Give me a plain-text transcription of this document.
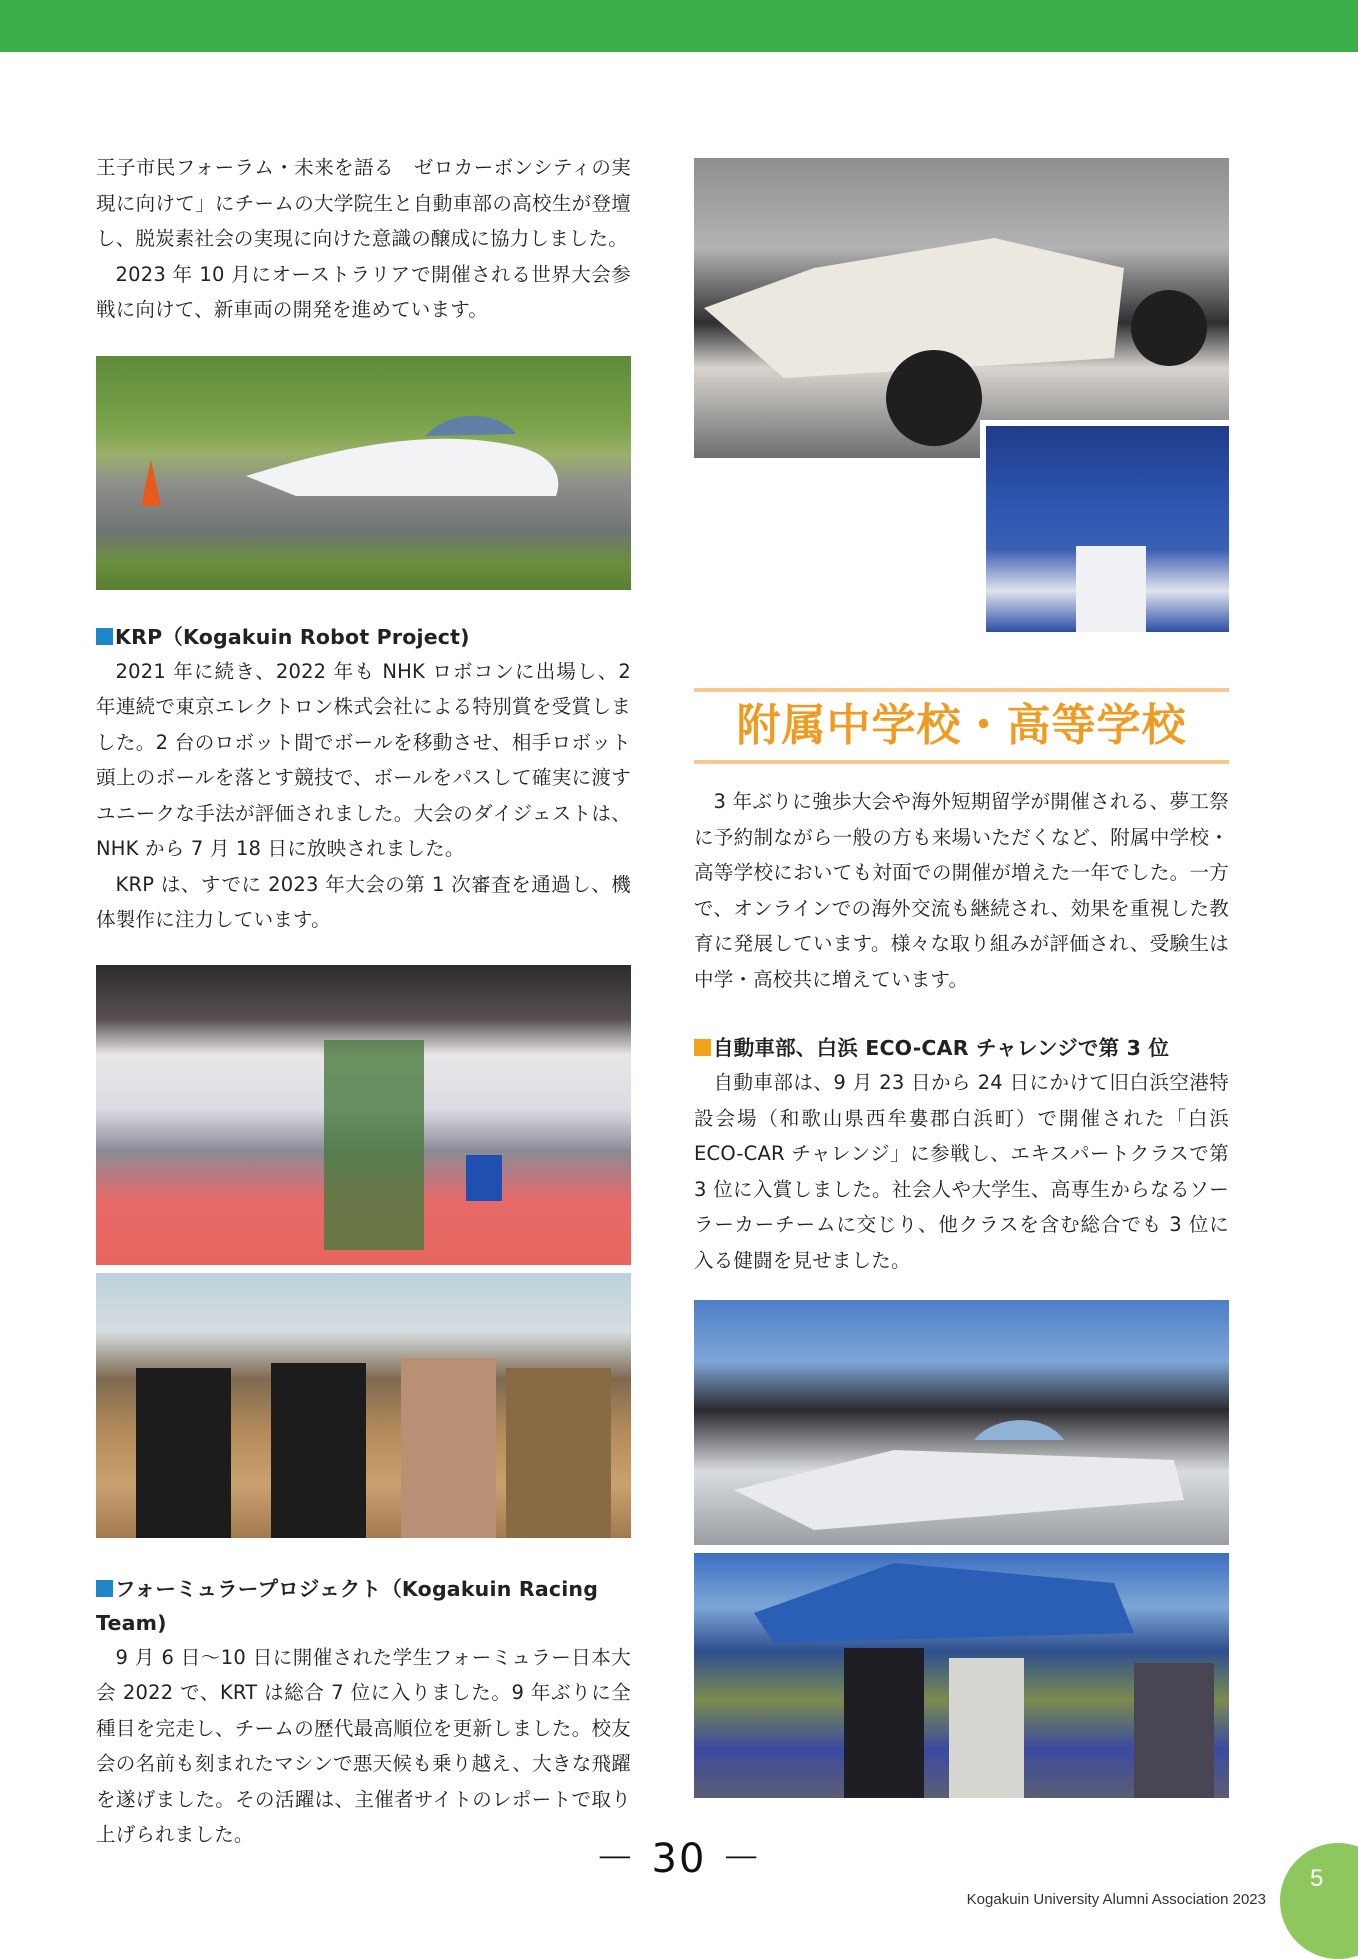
王子市民フォーラム・未来を語る　ゼロカーボンシティの実現に向けて」にチームの大学院生と自動車部の高校生が登壇し、脱炭素社会の実現に向けた意識の醸成に協力しました。

2023 年 10 月にオーストラリアで開催される世界大会参戦に向けて、新車両の開発を進めています。

KRP（Kogakuin Robot Project)

2021 年に続き、2022 年も NHK ロボコンに出場し、2 年連続で東京エレクトロン株式会社による特別賞を受賞しました。2 台のロボット間でボールを移動させ、相手ロボット頭上のボールを落とす競技で、ボールをパスして確実に渡すユニークな手法が評価されました。大会のダイジェストは、NHK から 7 月 18 日に放映されました。

KRP は、すでに 2023 年大会の第 1 次審査を通過し、機体製作に注力しています。

フォーミュラープロジェクト（Kogakuin Racing Team)

9 月 6 日〜10 日に開催された学生フォーミュラー日本大会 2022 で、KRT は総合 7 位に入りました。9 年ぶりに全種目を完走し、チームの歴代最高順位を更新しました。校友会の名前も刻まれたマシンで悪天候も乗り越え、大きな飛躍を遂げました。その活躍は、主催者サイトのレポートで取り上げられました。

附属中学校・高等学校

3 年ぶりに強歩大会や海外短期留学が開催される、夢工祭に予約制ながら一般の方も来場いただくなど、附属中学校・高等学校においても対面での開催が増えた一年でした。一方で、オンラインでの海外交流も継続され、効果を重視した教育に発展しています。様々な取り組みが評価され、受験生は中学・高校共に増えています。

自動車部、白浜 ECO-CAR チャレンジで第 3 位

自動車部は、9 月 23 日から 24 日にかけて旧白浜空港特設会場（和歌山県西牟婁郡白浜町）で開催された「白浜 ECO-CAR チャレンジ」に参戦し、エキスパートクラスで第 3 位に入賞しました。社会人や大学生、高専生からなるソーラーカーチームに交じり、他クラスを含む総合でも 3 位に入る健闘を見せました。

－ 30 －
Kogakuin University Alumni Association 2023
5
